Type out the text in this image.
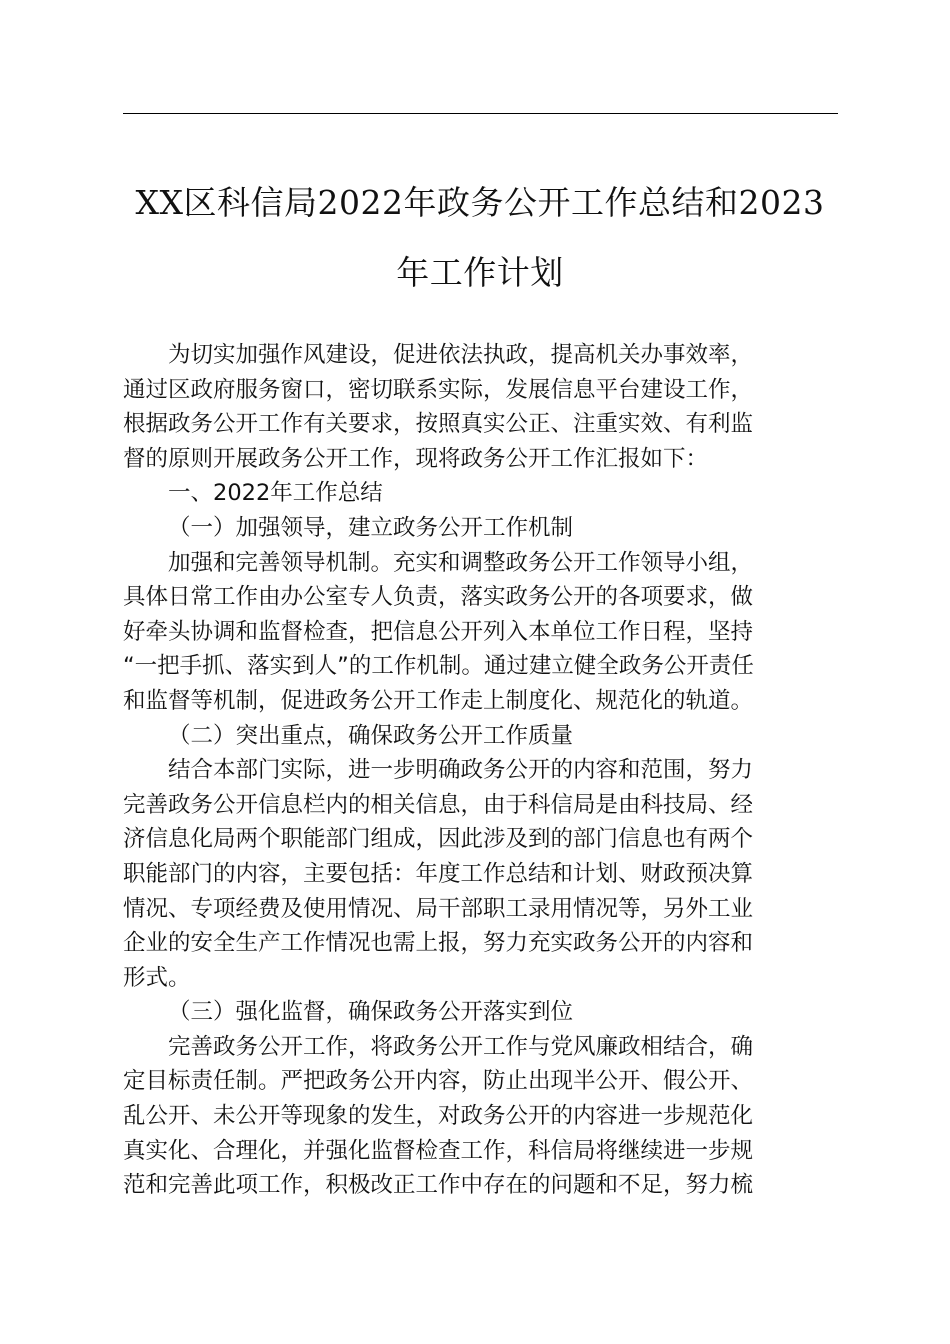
XX区科信局2022年政务公开工作总结和2023
年工作计划

为切实加强作风建设，促进依法执政，提高机关办事效率，
通过区政府服务窗口，密切联系实际，发展信息平台建设工作，
根据政务公开工作有关要求，按照真实公正、注重实效、有利监
督的原则开展政务公开工作，现将政务公开工作汇报如下：

一、2022年工作总结

（一）加强领导，建立政务公开工作机制

加强和完善领导机制。充实和调整政务公开工作领导小组，
具体日常工作由办公室专人负责，落实政务公开的各项要求，做
好牵头协调和监督检查，把信息公开列入本单位工作日程，坚持
“一把手抓、落实到人”的工作机制。通过建立健全政务公开责任
和监督等机制，促进政务公开工作走上制度化、规范化的轨道。

（二）突出重点，确保政务公开工作质量

结合本部门实际，进一步明确政务公开的内容和范围，努力
完善政务公开信息栏内的相关信息，由于科信局是由科技局、经
济信息化局两个职能部门组成，因此涉及到的部门信息也有两个
职能部门的内容，主要包括：年度工作总结和计划、财政预决算
情况、专项经费及使用情况、局干部职工录用情况等，另外工业
企业的安全生产工作情况也需上报，努力充实政务公开的内容和
形式。

（三）强化监督，确保政务公开落实到位

完善政务公开工作，将政务公开工作与党风廉政相结合，确
定目标责任制。严把政务公开内容，防止出现半公开、假公开、
乱公开、未公开等现象的发生，对政务公开的内容进一步规范化
真实化、合理化，并强化监督检查工作，科信局将继续进一步规
范和完善此项工作，积极改正工作中存在的问题和不足，努力梳
